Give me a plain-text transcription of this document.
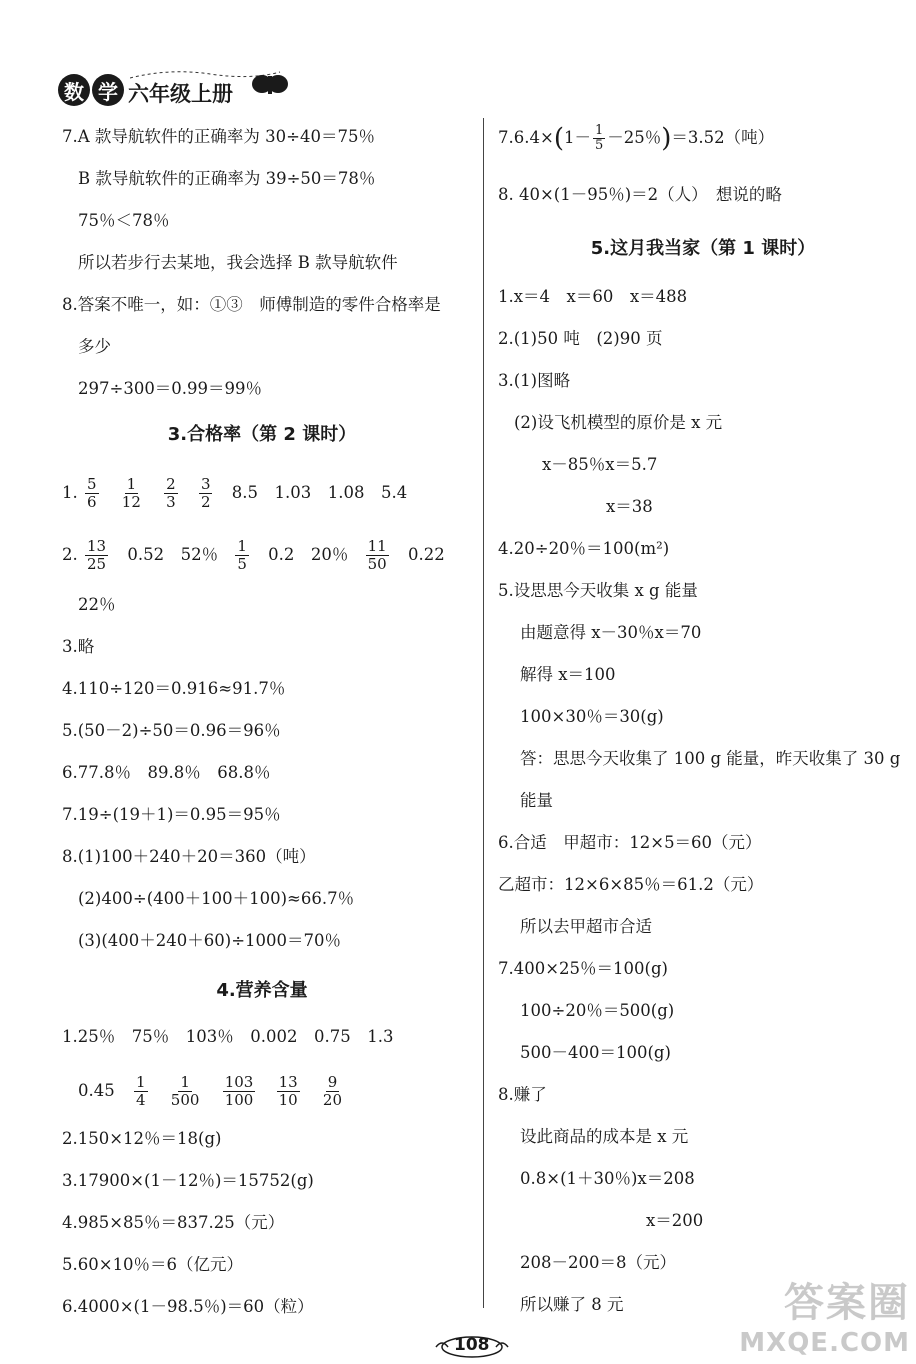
数 学 六年级上册
7.A 款导航软件的正确率为 30÷40＝75％
B 款导航软件的正确率为 39÷50＝78％
75％＜78％
所以若步行去某地，我会选择 B 款导航软件
8.答案不唯一，如：①③　师傅制造的零件合格率是
多少
297÷300＝0.99＝99％
3.合格率（第 2 课时）
1. $\frac{5}{6}$
$\frac{1}{12}$
$\frac{2}{3}$
$\frac{3}{2} 8.5$　1.03　1.08　5.4
2. $\frac{13}{25} 0.52$　52％ $\frac{1}{5} 0.2$　20％ $\frac{11}{50} 0.22$
22％
3.略
4.110÷120＝0.916≈91.7％
5.(50－2)÷50＝0.96＝96％
6.77.8％　89.8％　68.8％
7.19÷(19＋1)＝0.95＝95％
8.(1)100＋240＋20＝360（吨）
(2)400÷(400＋100＋100)≈66.7％
(3)(400＋240＋60)÷1000＝70％
4.营养含量
1.25％　75％　103％　0.002　0.75　1.3
$0.45 \frac{1}{4}$
$\frac{1}{500}$
$\frac{103}{100}$
$\frac{13}{10}$
$\frac{9}{20}$
2.150×12％＝18(g)
3.17900×(1－12％)＝15752(g)
4.985×85％＝837.25（元）
5.60×10％＝6（亿元）
6.4000×(1－98.5％)＝60（粒）
$7.6.4\times(1- \frac{1}{5} -25$％)＝3.52（吨）
8. 40×(1－95％)＝2（人）　想说的略
5.这月我当家（第 1 课时）
1.x＝4　x＝60　x＝488
2.(1)50 吨　(2)90 页
3.(1)图略
(2)设飞机模型的原价是 x 元
x－85％x＝5.7
x＝38
4.20÷20％＝100(m²)
5.设思思今天收集 x g 能量
由题意得 x－30％x＝70
解得 x＝100
100×30％＝30(g)
答：思思今天收集了 100 g 能量，昨天收集了 30 g
能量
6.合适　甲超市：12×5＝60（元）
乙超市：12×6×85％＝61.2（元）
所以去甲超市合适
7.400×25％＝100(g)
100÷20％＝500(g)
500－400＝100(g)
8.赚了
设此商品的成本是 x 元
0.8×(1＋30％)x＝208
x＝200
208－200＝8（元）
所以赚了 8 元
108
答案圈
MXQE.COM
